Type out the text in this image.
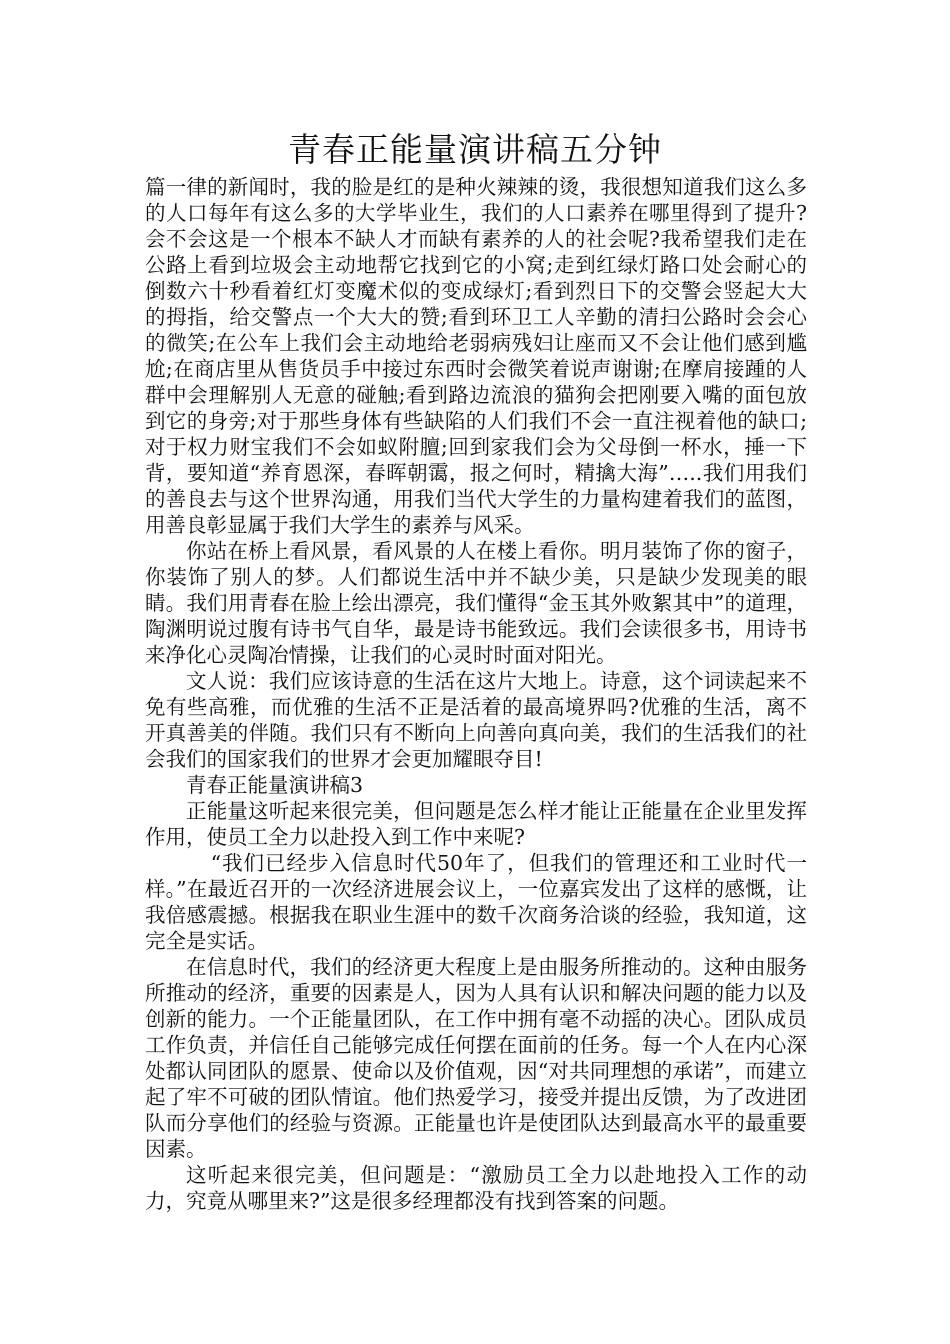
青春正能量演讲稿五分钟

篇一律的新闻时，我的脸是红的是种火辣辣的烫，我很想知道我们这么多的人口每年有这么多的大学毕业生，我们的人口素养在哪里得到了提升?会不会这是一个根本不缺人才而缺有素养的人的社会呢?我希望我们走在公路上看到垃圾会主动地帮它找到它的小窝;走到红绿灯路口处会耐心的倒数六十秒看着红灯变魔术似的变成绿灯;看到烈日下的交警会竖起大大的拇指，给交警点一个大大的赞;看到环卫工人辛勤的清扫公路时会会心的微笑;在公车上我们会主动地给老弱病残妇让座而又不会让他们感到尴尬;在商店里从售货员手中接过东西时会微笑着说声谢谢;在摩肩接踵的人群中会理解别人无意的碰触;看到路边流浪的猫狗会把刚要入嘴的面包放到它的身旁;对于那些身体有些缺陷的人们我们不会一直注视着他的缺口;对于权力财宝我们不会如蚁附膻;回到家我们会为父母倒一杯水，捶一下背，要知道“养育恩深，春晖朝霭，报之何时，精擒大海”…..我们用我们的善良去与这个世界沟通，用我们当代大学生的力量构建着我们的蓝图，用善良彰显属于我们大学生的素养与风采。

你站在桥上看风景，看风景的人在楼上看你。明月装饰了你的窗子，你装饰了别人的梦。人们都说生活中并不缺少美，只是缺少发现美的眼睛。我们用青春在脸上绘出漂亮，我们懂得“金玉其外败絮其中”的道理，陶渊明说过腹有诗书气自华，最是诗书能致远。我们会读很多书，用诗书来净化心灵陶冶情操，让我们的心灵时时面对阳光。

文人说：我们应该诗意的生活在这片大地上。诗意，这个词读起来不免有些高雅，而优雅的生活不正是活着的最高境界吗?优雅的生活，离不开真善美的伴随。我们只有不断向上向善向真向美，我们的生活我们的社会我们的国家我们的世界才会更加耀眼夺目!

青春正能量演讲稿3

正能量这听起来很完美，但问题是怎么样才能让正能量在企业里发挥作用，使员工全力以赴投入到工作中来呢?

“我们已经步入信息时代50年了，但我们的管理还和工业时代一样。”在最近召开的一次经济进展会议上，一位嘉宾发出了这样的感慨，让我倍感震撼。根据我在职业生涯中的数千次商务洽谈的经验，我知道，这完全是实话。

在信息时代，我们的经济更大程度上是由服务所推动的。这种由服务所推动的经济，重要的因素是人，因为人具有认识和解决问题的能力以及创新的能力。一个正能量团队，在工作中拥有毫不动摇的决心。团队成员工作负责，并信任自己能够完成任何摆在面前的任务。每一个人在内心深处都认同团队的愿景、使命以及价值观，因“对共同理想的承诺”，而建立起了牢不可破的团队情谊。他们热爱学习，接受并提出反馈，为了改进团队而分享他们的经验与资源。正能量也许是使团队达到最高水平的最重要因素。

这听起来很完美，但问题是：“激励员工全力以赴地投入工作的动力，究竟从哪里来?”这是很多经理都没有找到答案的问题。
